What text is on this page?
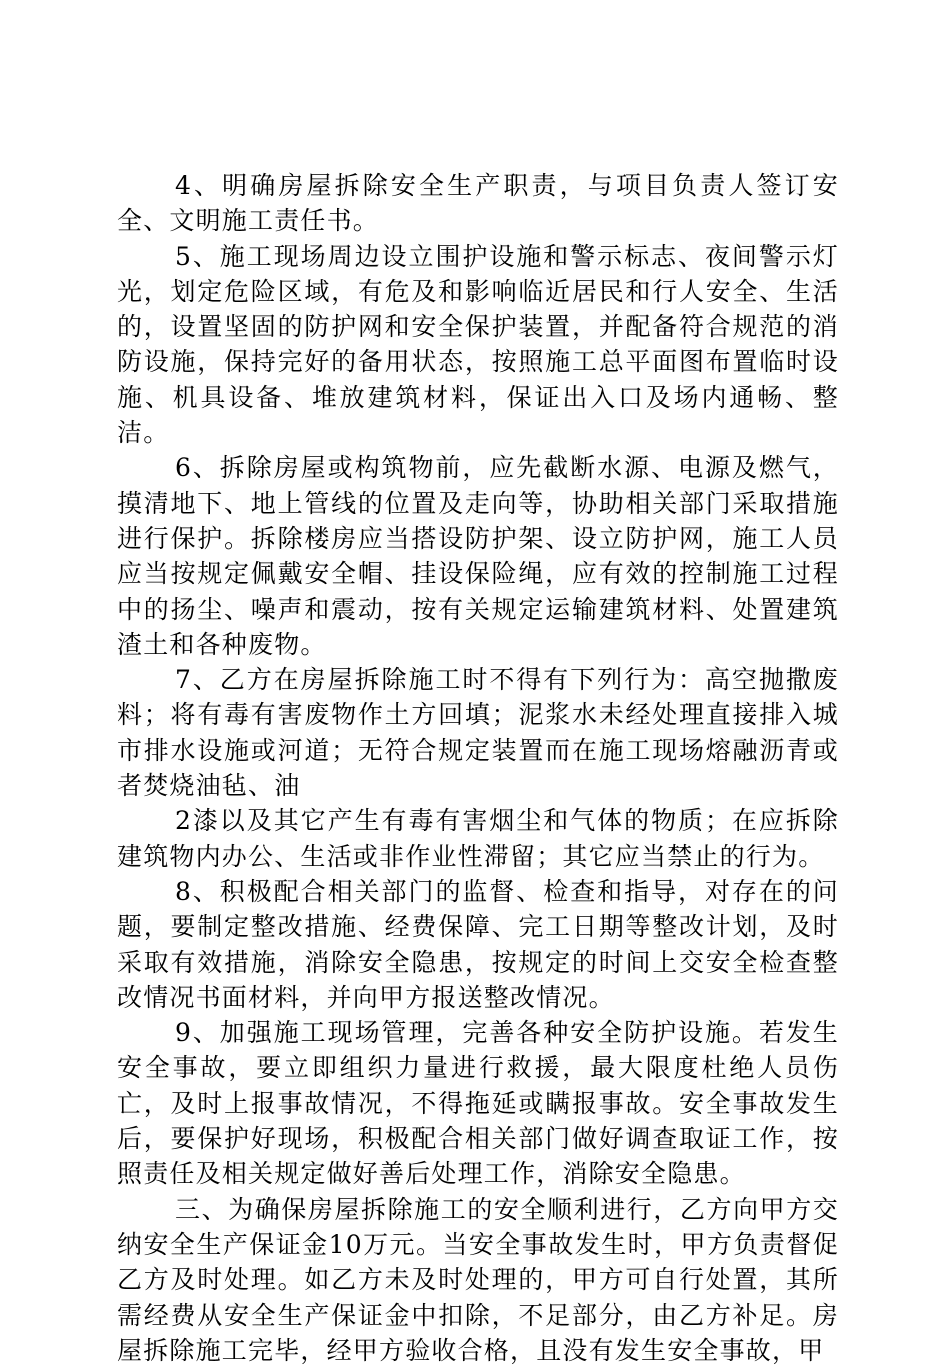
4、明确房屋拆除安全生产职责，与项目负责人签订安全、文明施工责任书。

5、施工现场周边设立围护设施和警示标志、夜间警示灯光，划定危险区域，有危及和影响临近居民和行人安全、生活的，设置坚固的防护网和安全保护装置，并配备符合规范的消防设施，保持完好的备用状态，按照施工总平面图布置临时设施、机具设备、堆放建筑材料，保证出入口及场内通畅、整洁。

6、拆除房屋或构筑物前，应先截断水源、电源及燃气，摸清地下、地上管线的位置及走向等，协助相关部门采取措施进行保护。拆除楼房应当搭设防护架、设立防护网，施工人员应当按规定佩戴安全帽、挂设保险绳，应有效的控制施工过程中的扬尘、噪声和震动，按有关规定运输建筑材料、处置建筑渣土和各种废物。

7、乙方在房屋拆除施工时不得有下列行为：高空抛撒废料；将有毒有害废物作土方回填；泥浆水未经处理直接排入城市排水设施或河道；无符合规定装置而在施工现场熔融沥青或者焚烧油毡、油

2漆以及其它产生有毒有害烟尘和气体的物质；在应拆除建筑物内办公、生活或非作业性滞留；其它应当禁止的行为。

8、积极配合相关部门的监督、检查和指导，对存在的问题，要制定整改措施、经费保障、完工日期等整改计划，及时采取有效措施，消除安全隐患，按规定的时间上交安全检查整改情况书面材料，并向甲方报送整改情况。

9、加强施工现场管理，完善各种安全防护设施。若发生安全事故，要立即组织力量进行救援，最大限度杜绝人员伤亡，及时上报事故情况，不得拖延或瞒报事故。安全事故发生后，要保护好现场，积极配合相关部门做好调查取证工作，按照责任及相关规定做好善后处理工作，消除安全隐患。

三、为确保房屋拆除施工的安全顺利进行，乙方向甲方交纳安全生产保证金10万元。当安全事故发生时，甲方负责督促乙方及时处理。如乙方未及时处理的，甲方可自行处置，其所需经费从安全生产保证金中扣除，不足部分，由乙方补足。房屋拆除施工完毕，经甲方验收合格，且没有发生安全事故，甲
